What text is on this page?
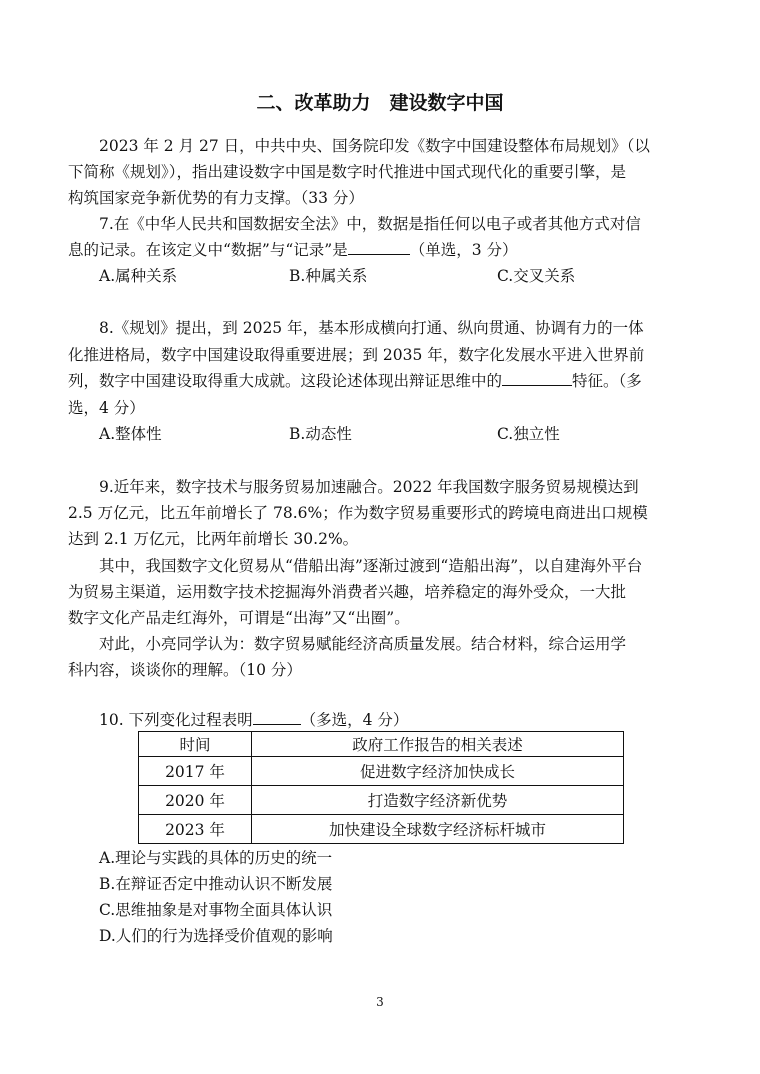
二、改革助力　建设数字中国
2023 年 2 月 27 日，中共中央、国务院印发《数字中国建设整体布局规划》（以
下简称《规划》），指出建设数字中国是数字时代推进中国式现代化的重要引擎，是
构筑国家竞争新优势的有力支撑。（33 分）
7.在《中华人民共和国数据安全法》中，数据是指任何以电子或者其他方式对信
息的记录。在该定义中“数据”与“记录”是	（单选，3 分）
A.属种关系	B.种属关系	C.交叉关系
8.《规划》提出，到 2025 年，基本形成横向打通、纵向贯通、协调有力的一体
化推进格局，数字中国建设取得重要进展；到 2035 年，数字化发展水平进入世界前
列，数字中国建设取得重大成就。这段论述体现出辩证思维中的	特征。（多
选，4 分）
A.整体性	B.动态性	C.独立性
9.近年来，数字技术与服务贸易加速融合。2022 年我国数字服务贸易规模达到
2.5 万亿元，比五年前增长了 78.6%；作为数字贸易重要形式的跨境电商进出口规模
达到 2.1 万亿元，比两年前增长 30.2%。
其中，我国数字文化贸易从“借船出海”逐渐过渡到“造船出海”，以自建海外平台
为贸易主渠道，运用数字技术挖掘海外消费者兴趣，培养稳定的海外受众，一大批
数字文化产品走红海外，可谓是“出海”又“出圈”。
对此，小亮同学认为：数字贸易赋能经济高质量发展。结合材料，综合运用学
科内容，谈谈你的理解。（10 分）
10. 下列变化过程表明	（多选，4 分）
时间	政府工作报告的相关表述
2017 年	促进数字经济加快成长
2020 年	打造数字经济新优势
2023 年	加快建设全球数字经济标杆城市
A.理论与实践的具体的历史的统一
B.在辩证否定中推动认识不断发展
C.思维抽象是对事物全面具体认识
D.人们的行为选择受价值观的影响
3
